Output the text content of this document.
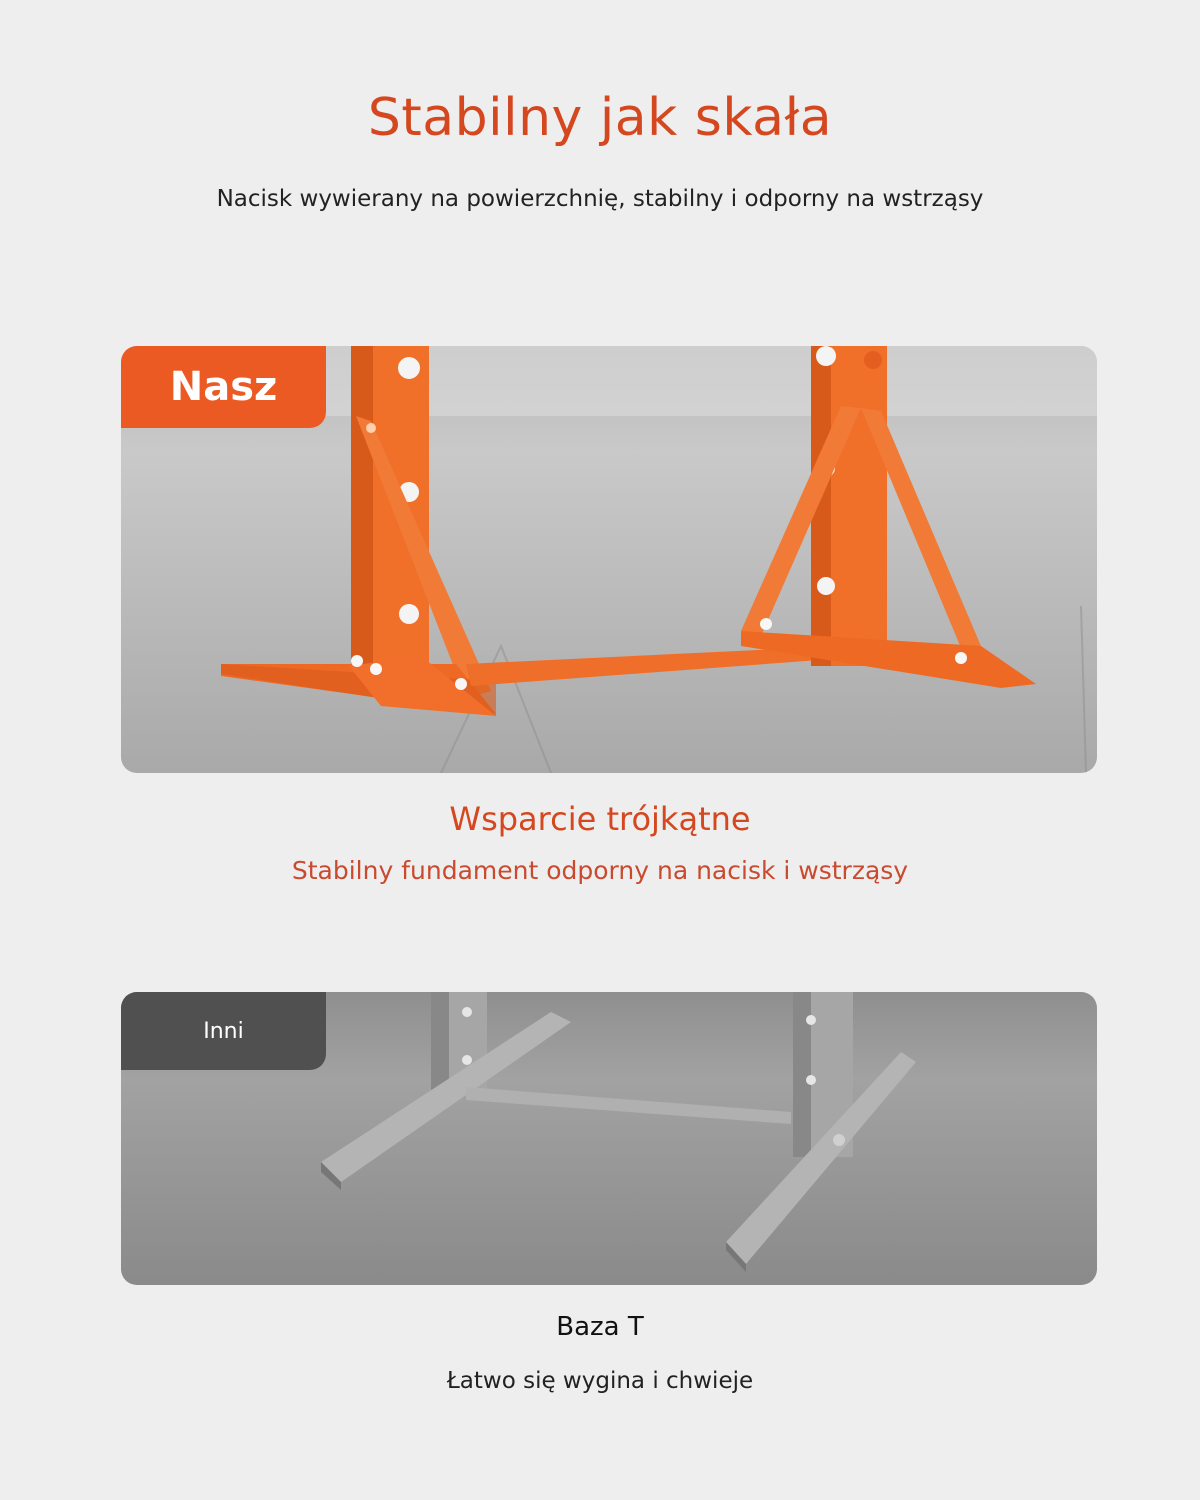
Stabilny jak skała
Nacisk wywierany na powierzchnię, stabilny i odporny na wstrząsy
Nasz
Wsparcie trójkątne
Stabilny fundament odporny na nacisk i wstrząsy
Inni
Baza T
Łatwo się wygina i chwieje
